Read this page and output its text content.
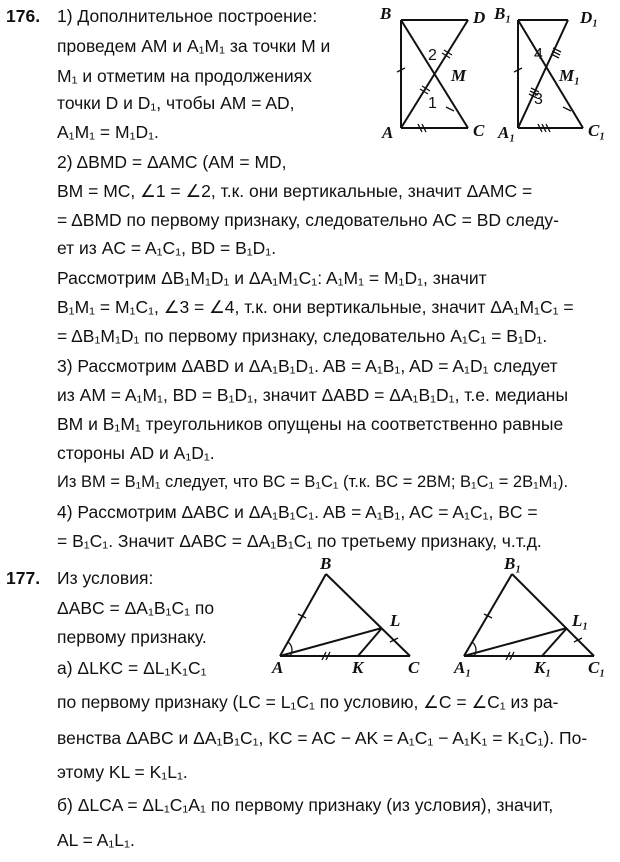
176. 1) Дополнительное построение:
проведем AM и A₁M₁ за точки M и
M₁ и отметим на продолжениях
точки D и D₁, чтобы AM = AD,
A₁M₁ = M₁D₁.
2) ΔBMD = ΔAMC (AM = MD,
BM = MC, ∠1 = ∠2, т.к. они вертикальные, значит ΔAMC =
= ΔBMD по первому признаку, следовательно AC = BD следу-
ет из AC = A₁C₁, BD = B₁D₁.
Рассмотрим ΔB₁M₁D₁ и ΔA₁M₁C₁: A₁M₁ = M₁D₁, значит
B₁M₁ = M₁C₁, ∠3 = ∠4, т.к. они вертикальные, значит ΔA₁M₁C₁ =
= ΔB₁M₁D₁ по первому признаку, следовательно A₁C₁ = B₁D₁.
3) Рассмотрим ΔABD и ΔA₁B₁D₁. AB = A₁B₁, AD = A₁D₁ следует
из AM = A₁M₁, BD = B₁D₁, значит ΔABD = ΔA₁B₁D₁, т.е. медианы
BM и B₁M₁ треугольников опущены на соответственно равные
стороны AD и A₁D₁.
Из BM = B₁M₁ следует, что BC = B₁C₁ (т.к. BC = 2BM; B₁C₁ = 2B₁M₁).
4) Рассмотрим ΔABC и ΔA₁B₁C₁. AB = A₁B₁, AC = A₁C₁, BC =
= B₁C₁. Значит ΔABC = ΔA₁B₁C₁ по третьему признаку, ч.т.д.
B	D
M
A	C
1
2
B₁	D₁
M₁
A₁	C₁
3
4
177. Из условия:
ΔABC = ΔA₁B₁C₁ по
первому признаку.
а) ΔLKC = ΔL₁K₁C₁
по первому признаку (LC = L₁C₁ по условию, ∠C = ∠C₁ из ра-
венства ΔABC и ΔA₁B₁C₁, KC = AC − AK = A₁C₁ − A₁K₁ = K₁C₁). По-
этому KL = K₁L₁.
б) ΔLCA = ΔL₁C₁A₁ по первому признаку (из условия), значит,
AL = A₁L₁.
B
L
A	K	C
B₁
L₁
A₁	K₁ C₁
